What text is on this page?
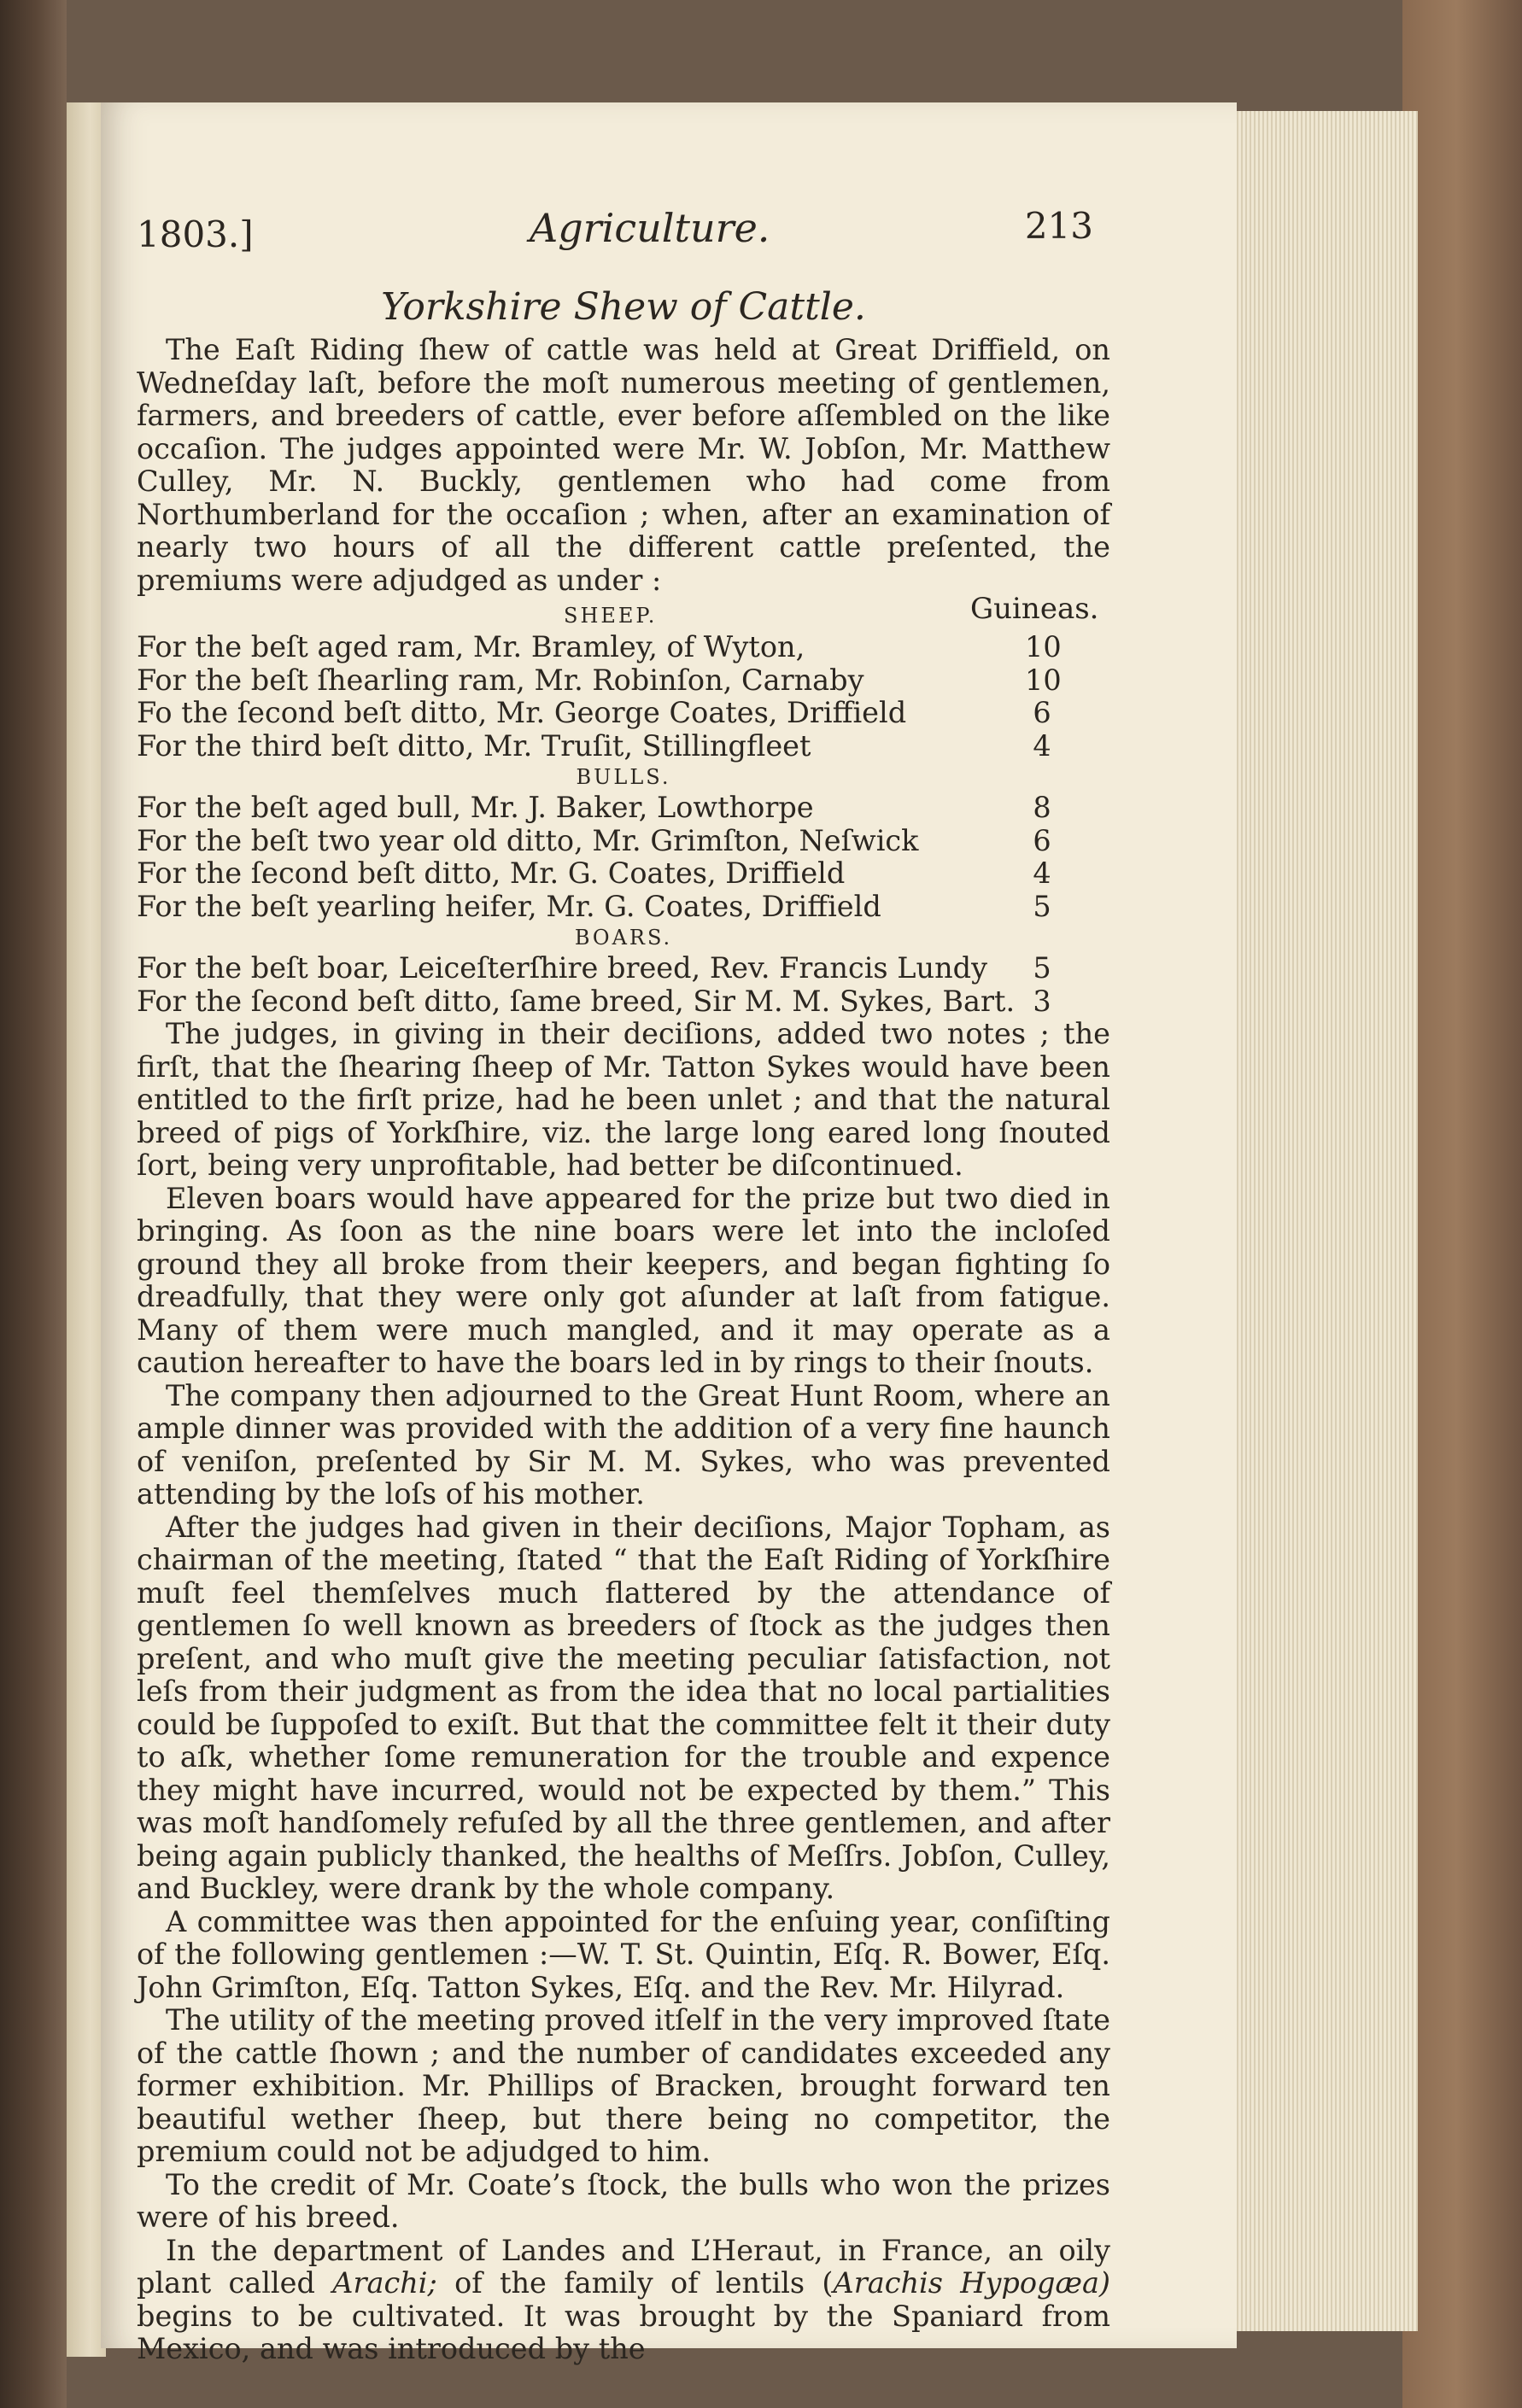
1803.]	Agriculture.	213
Yorkshire Shew of Cattle.

The Eaſt Riding ſhew of cattle was held at Great Driffield, on Wedneſday laſt, before the moſt numerous meeting of gentlemen, farmers, and breeders of cattle, ever before aſſembled on the like occaſion. The judges appointed were Mr. W. Jobſon, Mr. Matthew Culley, Mr. N. Buckly, gentlemen who had come from Northumberland for the occaſion ; when, after an examination of nearly two hours of all the different cattle preſented, the premiums were adjudged as under :

SHEEP.	Guineas.
For the beſt aged ram, Mr. Bramley, of Wyton,	10
For the beſt ſhearling ram, Mr. Robinſon, Carnaby	10
Fo the ſecond beſt ditto, Mr. George Coates, Driffield	6
For the third beſt ditto, Mr. Truſit, Stillingfleet	4
BULLS.
For the beſt aged bull, Mr. J. Baker, Lowthorpe	8
For the beſt two year old ditto, Mr. Grimſton, Neſwick	6
For the ſecond beſt ditto, Mr. G. Coates, Driffield	4
For the beſt yearling heifer, Mr. G. Coates, Driffield	5
BOARS.
For the beſt boar, Leiceſterſhire breed, Rev. Francis Lundy 5
For the ſecond beſt ditto, ſame breed, Sir M. M. Sykes, Bart. 3

The judges, in giving in their deciſions, added two notes ; the firſt, that the ſhearing ſheep of Mr. Tatton Sykes would have been entitled to the firſt prize, had he been unlet ; and that the natural breed of pigs of Yorkſhire, viz. the large long eared long ſnouted ſort, being very unprofitable, had better be diſcontinued.

Eleven boars would have appeared for the prize but two died in bringing. As ſoon as the nine boars were let into the incloſed ground they all broke from their keepers, and began fighting ſo dreadfully, that they were only got aſunder at laſt from fatigue. Many of them were much mangled, and it may operate as a caution hereafter to have the boars led in by rings to their ſnouts.

The company then adjourned to the Great Hunt Room, where an ample dinner was provided with the addition of a very fine haunch of veniſon, preſented by Sir M. M. Sykes, who was prevented attending by the loſs of his mother.

After the judges had given in their deciſions, Major Topham, as chairman of the meeting, ſtated “ that the Eaſt Riding of Yorkſhire muſt feel themſelves much flattered by the attendance of gentlemen ſo well known as breeders of ſtock as the judges then preſent, and who muſt give the meeting peculiar ſatisfaction, not leſs from their judgment as from the idea that no local partialities could be ſuppoſed to exiſt. But that the committee felt it their duty to aſk, whether ſome remuneration for the trouble and expence they might have incurred, would not be expected by them.” This was moſt handſomely refuſed by all the three gentlemen, and after being again publicly thanked, the healths of Meſſrs. Jobſon, Culley, and Buckley, were drank by the whole company.

A committee was then appointed for the enſuing year, conſiſting of the following gentlemen :—W. T. St. Quintin, Eſq. R. Bower, Eſq. John Grimſton, Eſq. Tatton Sykes, Eſq. and the Rev. Mr. Hilyrad.

The utility of the meeting proved itſelf in the very improved ſtate of the cattle ſhown ; and the number of candidates exceeded any former exhibition. Mr. Phillips of Bracken, brought forward ten beautiful wether ſheep, but there being no competitor, the premium could not be adjudged to him.

To the credit of Mr. Coate’s ſtock, the bulls who won the prizes were of his breed.

In the department of Landes and L’Heraut, in France, an oily plant called Arachi; of the family of lentils (Arachis Hypogæa) begins to be cultivated. It was brought by the Spaniard from Mexico, and was introduced by the
